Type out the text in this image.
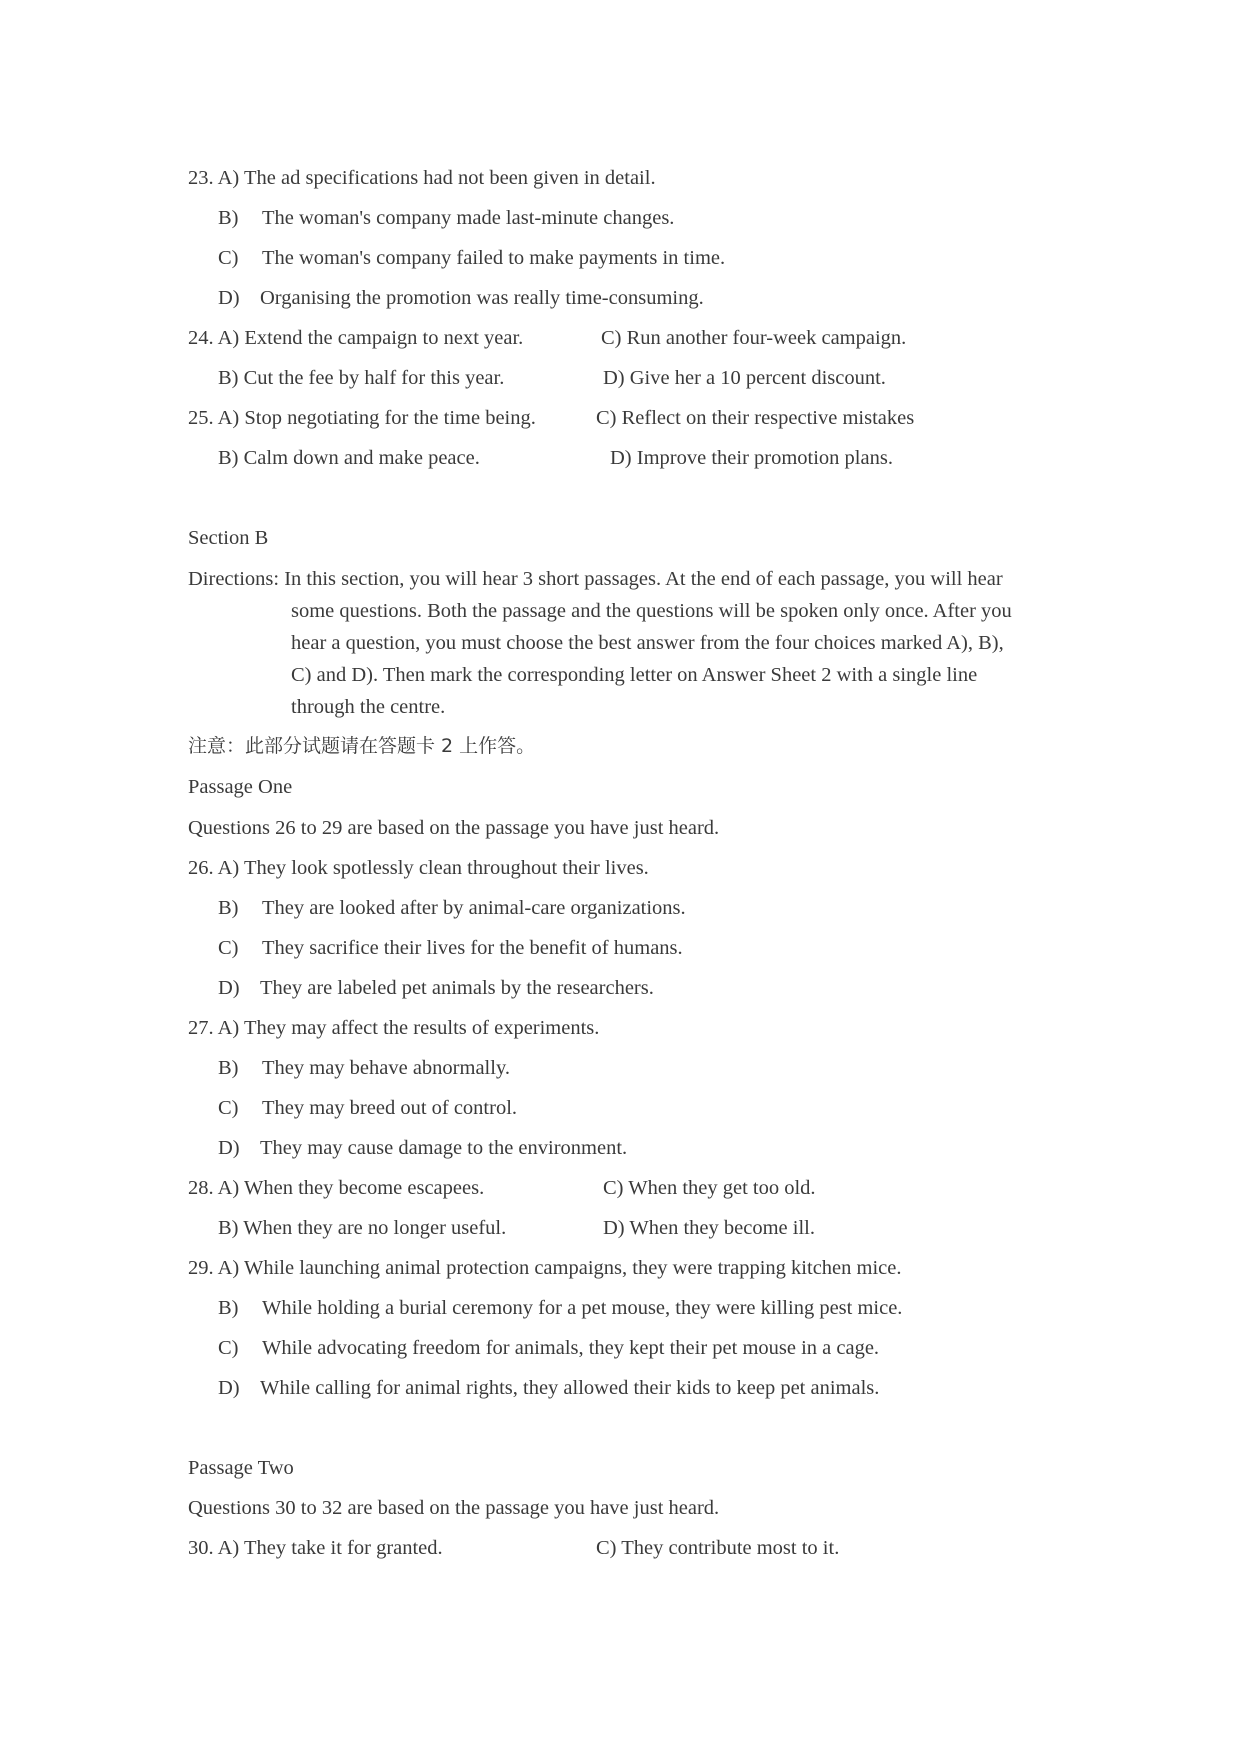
23. A) The ad specifications had not been given in detail.
B) The woman's company made last-minute changes.
C) The woman's company failed to make payments in time.
D) Organising the promotion was really time-consuming.
24. A) Extend the campaign to next year.	C) Run another four-week campaign.
B) Cut the fee by half for this year.	D) Give her a 10 percent discount.
25. A) Stop negotiating for the time being.	C) Reflect on their respective mistakes
B) Calm down and make peace.	D) Improve their promotion plans.
Section B
Directions: In this section, you will hear 3 short passages. At the end of each passage, you will hear
some questions. Both the passage and the questions will be spoken only once. After you
hear a question, you must choose the best answer from the four choices marked A), B),
C) and D). Then mark the corresponding letter on Answer Sheet 2 with a single line
through the centre.
注意：此部分试题请在答题卡 2 上作答。
Passage One
Questions 26 to 29 are based on the passage you have just heard.
26. A) They look spotlessly clean throughout their lives.
B) They are looked after by animal-care organizations.
C) They sacrifice their lives for the benefit of humans.
D) They are labeled pet animals by the researchers.
27. A) They may affect the results of experiments.
B) They may behave abnormally.
C) They may breed out of control.
D) They may cause damage to the environment.
28. A) When they become escapees.	C) When they get too old.
B) When they are no longer useful.	D) When they become ill.
29. A) While launching animal protection campaigns, they were trapping kitchen mice.
B) While holding a burial ceremony for a pet mouse, they were killing pest mice.
C) While advocating freedom for animals, they kept their pet mouse in a cage.
D) While calling for animal rights, they allowed their kids to keep pet animals.
Passage Two
Questions 30 to 32 are based on the passage you have just heard.
30. A) They take it for granted.	C) They contribute most to it.
